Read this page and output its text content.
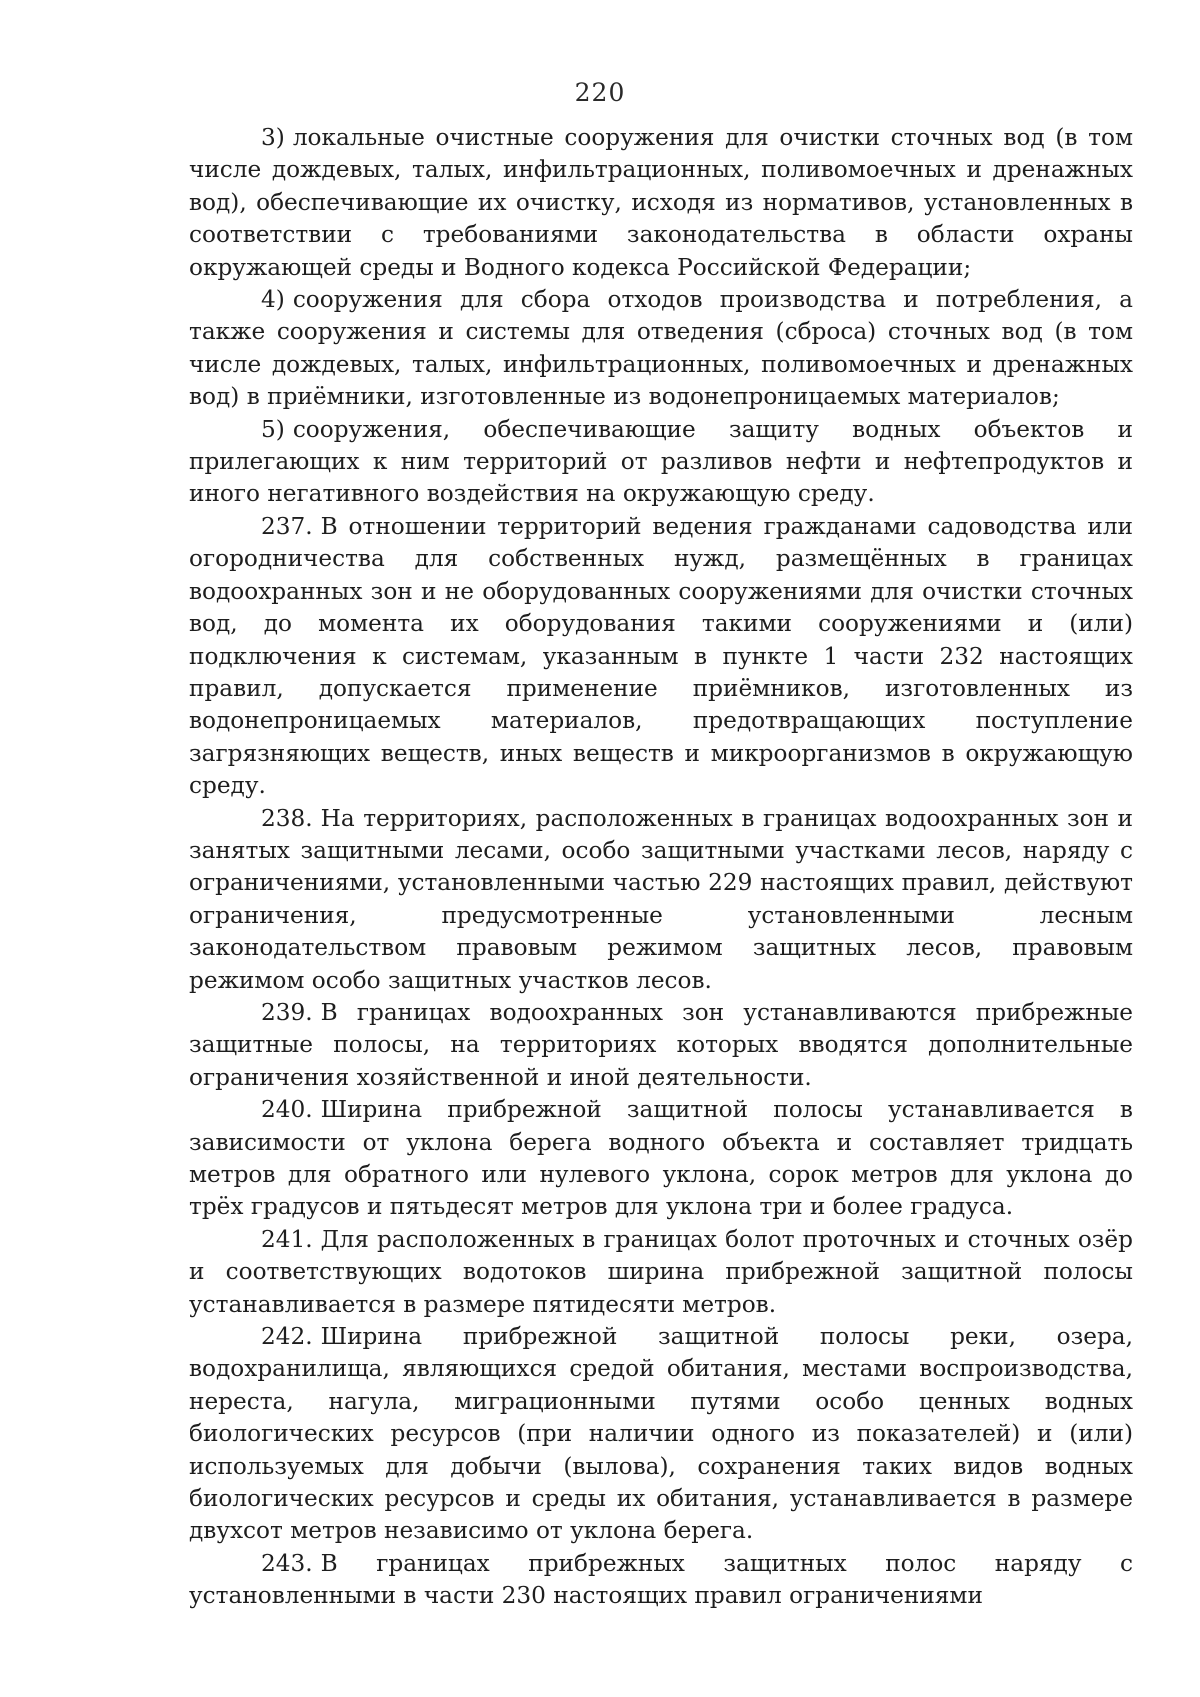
220

3) локальные очистные сооружения для очистки сточных вод (в том числе дождевых, талых, инфильтрационных, поливомоечных и дренажных вод), обеспечивающие их очистку, исходя из нормативов, установленных в соответствии с требованиями законодательства в области охраны окружающей среды и Водного кодекса Российской Федерации;

4) сооружения для сбора отходов производства и потребления, а также сооружения и системы для отведения (сброса) сточных вод (в том числе дождевых, талых, инфильтрационных, поливомоечных и дренажных вод) в приёмники, изготовленные из водонепроницаемых материалов;

5) сооружения, обеспечивающие защиту водных объектов и прилегающих к ним территорий от разливов нефти и нефтепродуктов и иного негативного воздействия на окружающую среду.

237. В отношении территорий ведения гражданами садоводства или огородничества для собственных нужд, размещённых в границах водоохранных зон и не оборудованных сооружениями для очистки сточных вод, до момента их оборудования такими сооружениями и (или) подключения к системам, указанным в пункте 1 части 232 настоящих правил, допускается применение приёмников, изготовленных из водонепроницаемых материалов, предотвращающих поступление загрязняющих веществ, иных веществ и микроорганизмов в окружающую среду.

238. На территориях, расположенных в границах водоохранных зон и занятых защитными лесами, особо защитными участками лесов, наряду с ограничениями, установленными частью 229 настоящих правил, действуют ограничения, предусмотренные установленными лесным законодательством правовым режимом защитных лесов, правовым режимом особо защитных участков лесов.

239. В границах водоохранных зон устанавливаются прибрежные защитные полосы, на территориях которых вводятся дополнительные ограничения хозяйственной и иной деятельности.

240. Ширина прибрежной защитной полосы устанавливается в зависимости от уклона берега водного объекта и составляет тридцать метров для обратного или нулевого уклона, сорок метров для уклона до трёх градусов и пятьдесят метров для уклона три и более градуса.

241. Для расположенных в границах болот проточных и сточных озёр и соответствующих водотоков ширина прибрежной защитной полосы устанавливается в размере пятидесяти метров.

242. Ширина прибрежной защитной полосы реки, озера, водохранилища, являющихся средой обитания, местами воспроизводства, нереста, нагула, миграционными путями особо ценных водных биологических ресурсов (при наличии одного из показателей) и (или) используемых для добычи (вылова), сохранения таких видов водных биологических ресурсов и среды их обитания, устанавливается в размере двухсот метров независимо от уклона берега.

243. В границах прибрежных защитных полос наряду с установленными в части 230 настоящих правил ограничениями
